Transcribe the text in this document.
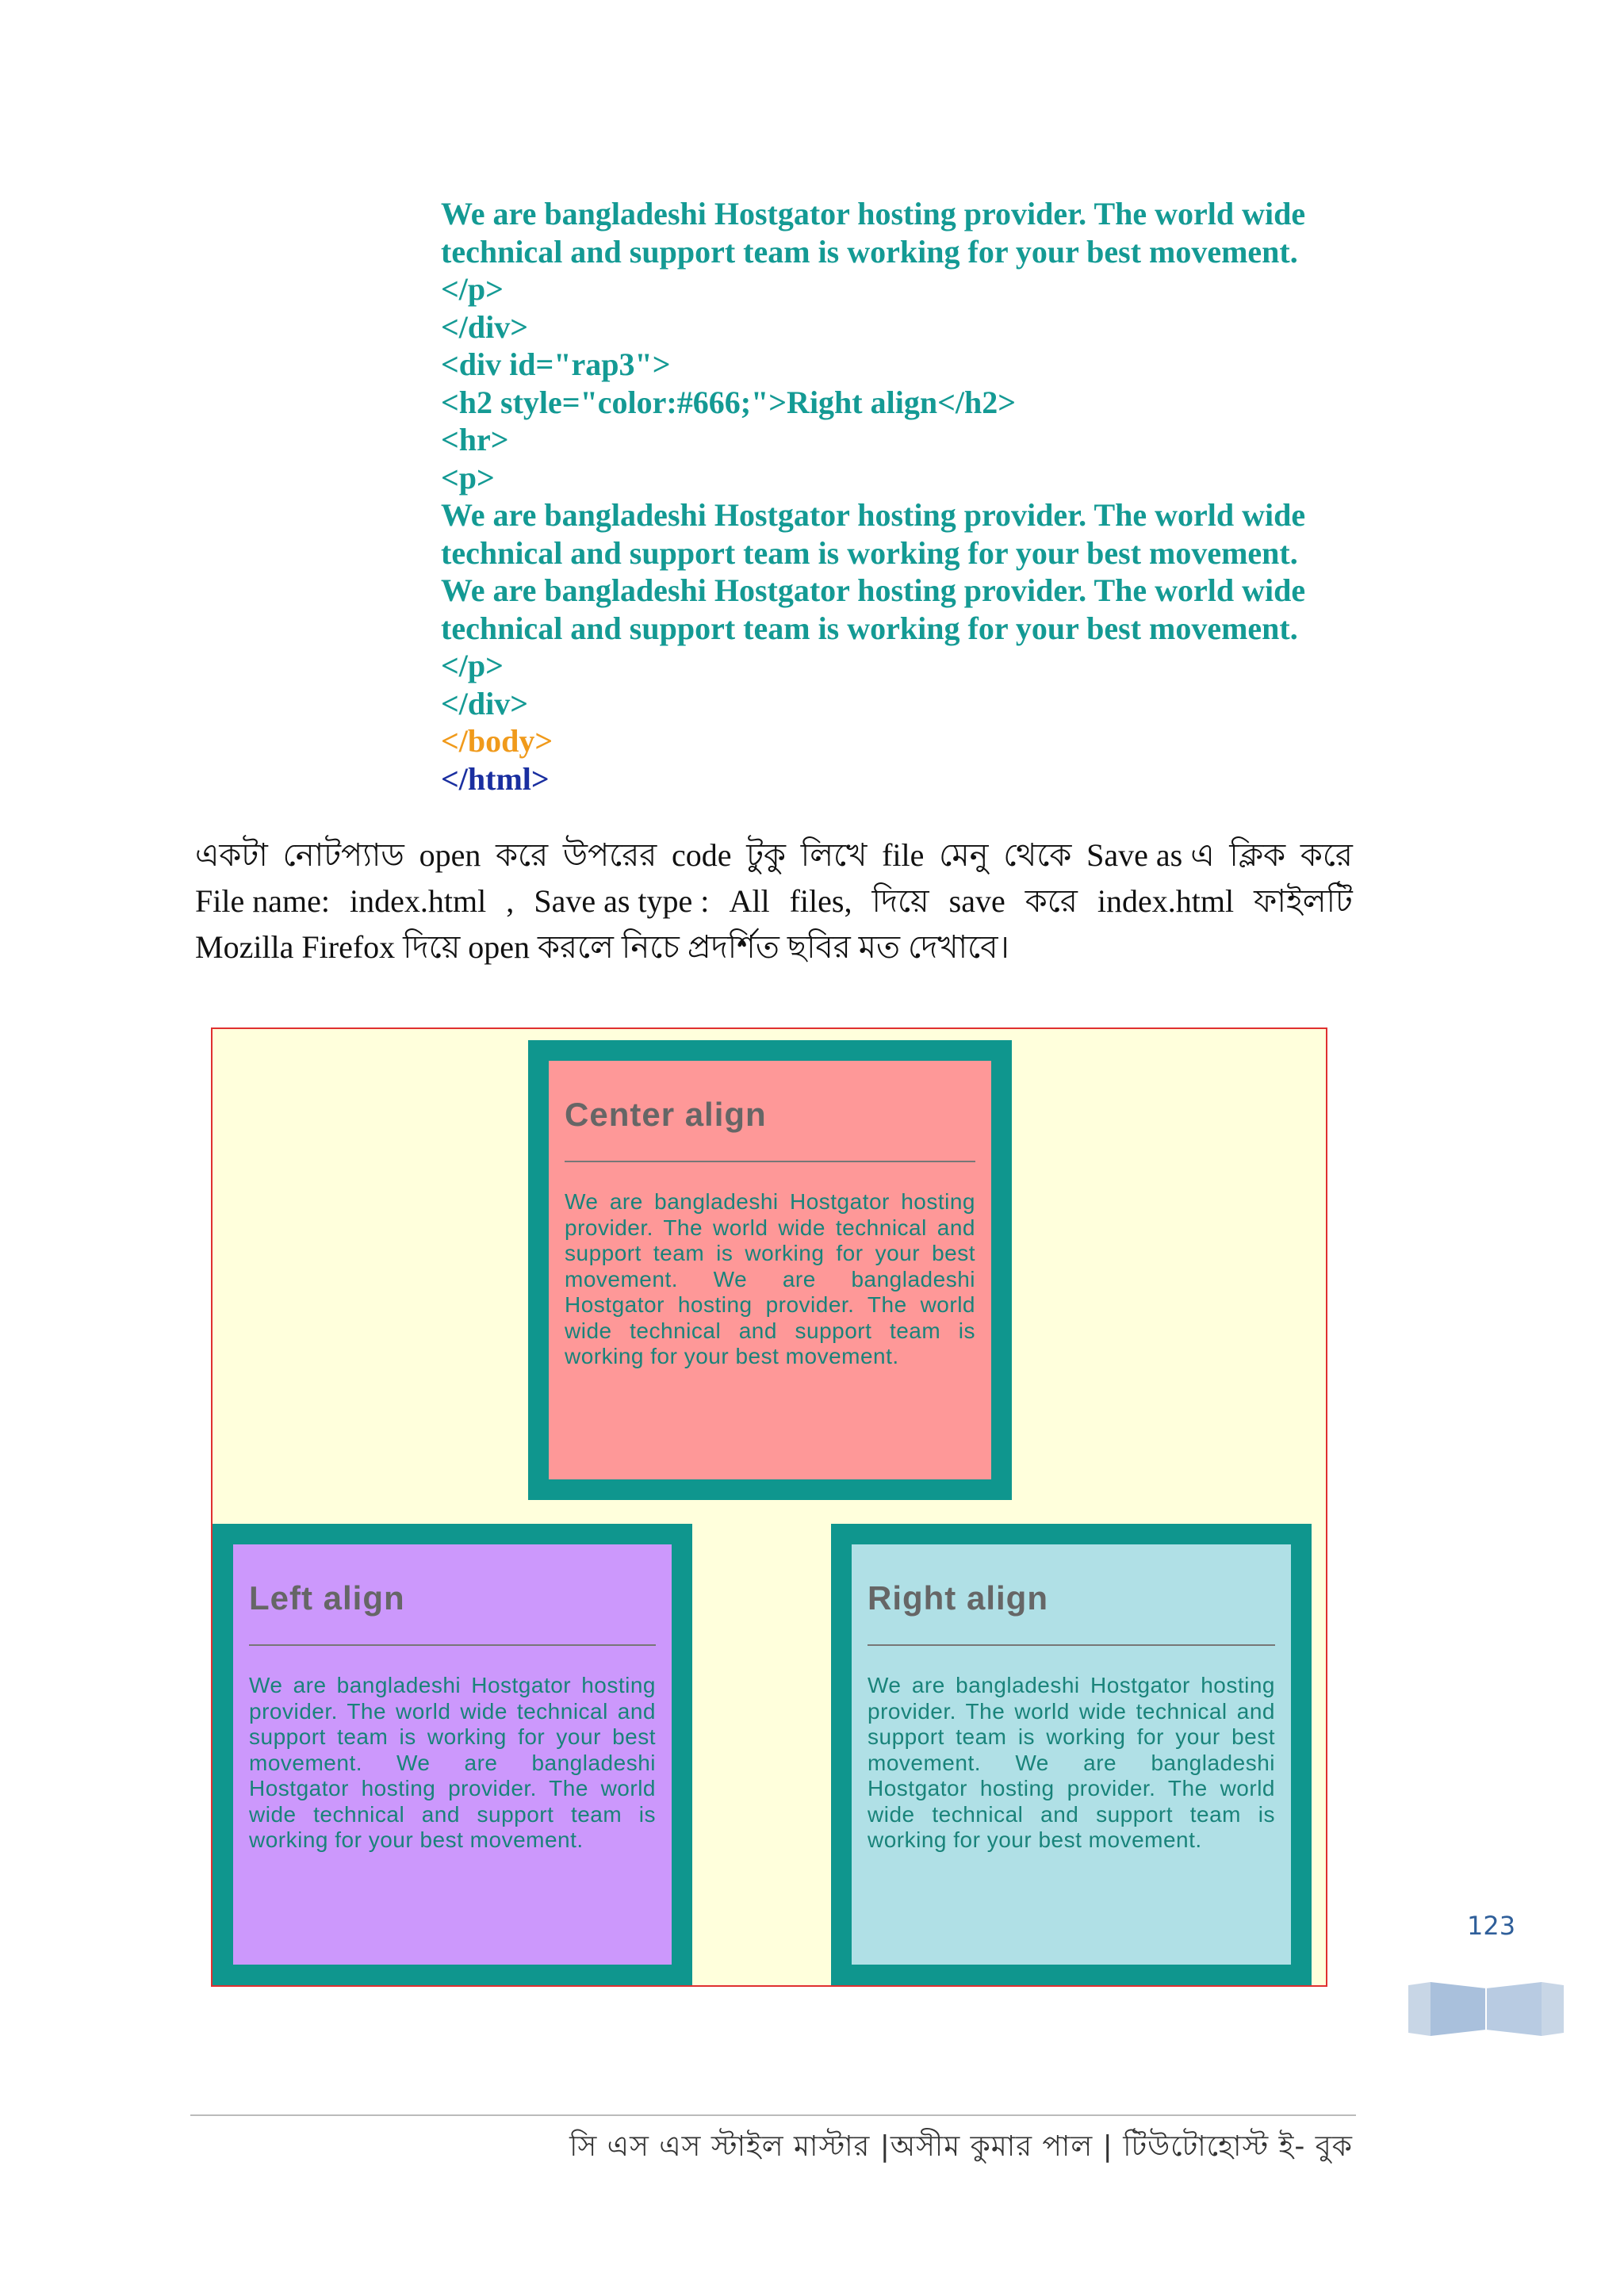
We are bangladeshi Hostgator hosting provider. The world wide
technical and support team is working for your best movement.
</p>
</div>
<div id="rap3">
<h2 style="color:#666;">Right align</h2>
<hr>
<p>
We are bangladeshi Hostgator hosting provider. The world wide
technical and support team is working for your best movement.
We are bangladeshi Hostgator hosting provider. The world wide
technical and support team is working for your best movement.
</p>
</div>
</body>
</html>
একটা নোটপ্যাড open করে উপরের code টুকু লিখে file মেনু থেকে Save as এ ক্লিক করে
File name: index.html , Save as type : All files, দিয়ে save করে index.html ফাইলটি
Mozilla Firefox দিয়ে open করলে নিচে প্রদর্শিত ছবির মত দেখাবে।
Center align

We are bangladeshi Hostgator hosting provider. The world wide technical and support team is working for your best movement. We are bangladeshi Hostgator hosting provider. The world wide technical and support team is working for your best movement.

Left align

We are bangladeshi Hostgator hosting provider. The world wide technical and support team is working for your best movement. We are bangladeshi Hostgator hosting provider. The world wide technical and support team is working for your best movement.

Right align

We are bangladeshi Hostgator hosting provider. The world wide technical and support team is working for your best movement. We are bangladeshi Hostgator hosting provider. The world wide technical and support team is working for your best movement.

123
সি এস এস স্টাইল মাস্টার |অসীম কুমার পাল | টিউটোহোস্ট ই- বুক
